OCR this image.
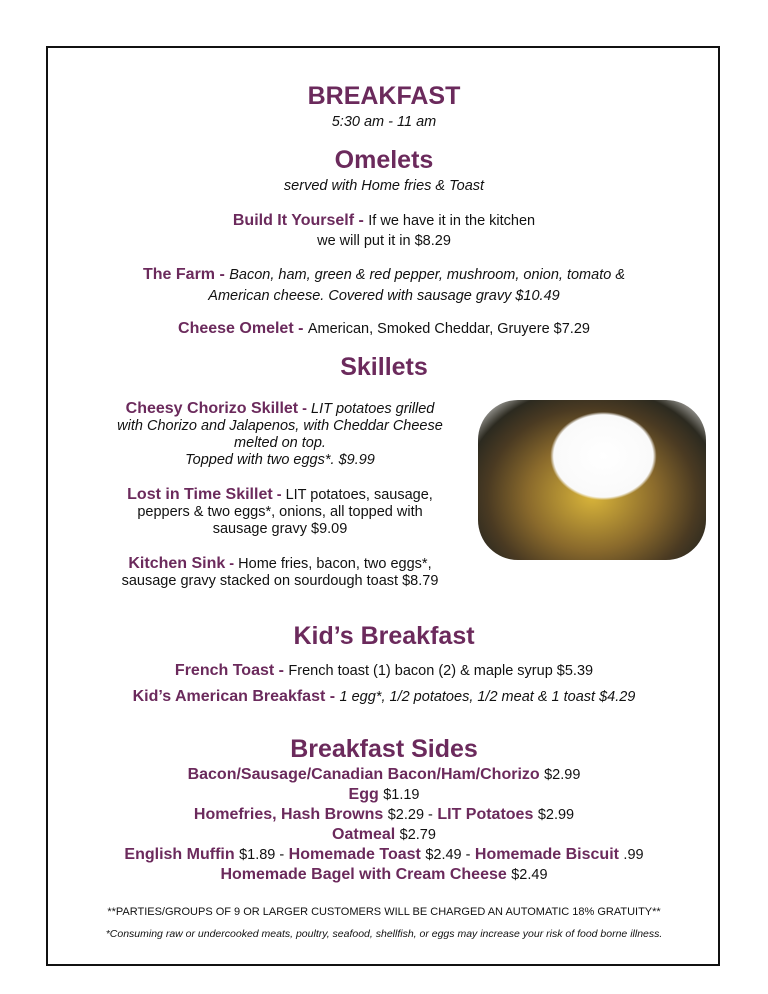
BREAKFAST
5:30 am - 11 am
Omelets
served with Home fries & Toast
Build It Yourself - If we have it in the kitchen
we will put it in $8.29
The Farm - Bacon, ham, green & red pepper, mushroom, onion, tomato &
American cheese. Covered with sausage gravy $10.49
Cheese Omelet - American, Smoked Cheddar, Gruyere $7.29
Skillets
Cheesy Chorizo Skillet - LIT potatoes grilled
with Chorizo and Jalapenos, with Cheddar Cheese
melted on top.
Topped with two eggs*. $9.99
Lost in Time Skillet - LIT potatoes, sausage,
peppers & two eggs*, onions, all topped with
sausage gravy $9.09
Kitchen Sink - Home fries, bacon, two eggs*,
sausage gravy stacked on sourdough toast $8.79
Kid’s Breakfast
French Toast - French toast (1) bacon (2) & maple syrup $5.39
Kid’s American Breakfast - 1 egg*, 1/2 potatoes, 1/2 meat & 1 toast $4.29
Breakfast Sides
Bacon/Sausage/Canadian Bacon/Ham/Chorizo $2.99
Egg $1.19
Homefries, Hash Browns $2.29 - LIT Potatoes $2.99
Oatmeal $2.79
English Muffin $1.89 - Homemade Toast $2.49 - Homemade Biscuit .99
Homemade Bagel with Cream Cheese $2.49
**PARTIES/GROUPS OF 9 OR LARGER CUSTOMERS WILL BE CHARGED AN AUTOMATIC 18% GRATUITY**
*Consuming raw or undercooked meats, poultry, seafood, shellfish, or eggs may increase your risk of food borne illness.
